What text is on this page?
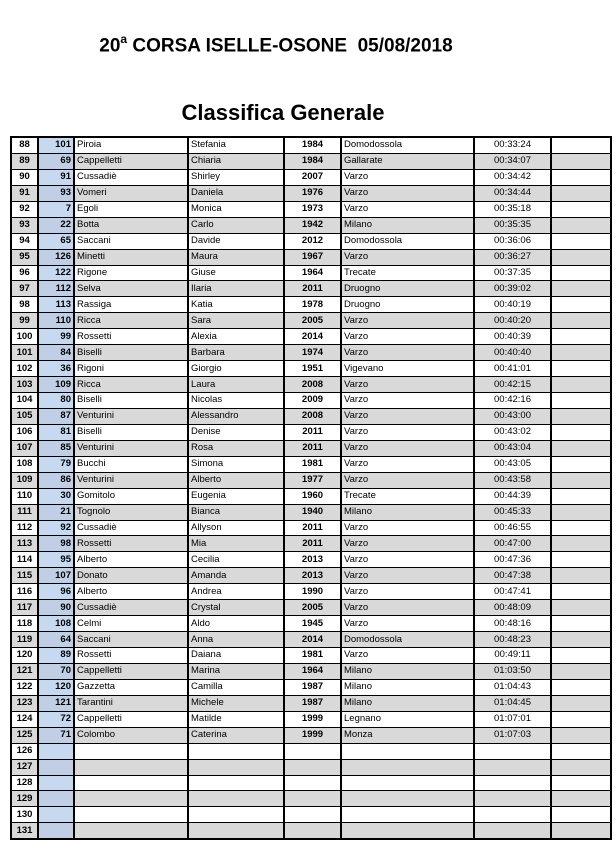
20$^a$ CORSA ISELLE-OSONE  05/08/2018
Classifica Generale
88	101	Piroia	Stefania	1984	Domodossola	00:33:24	
89	69	Cappelletti	Chiaria	1984	Gallarate	00:34:07	
90	91	Cussadiè	Shirley	2007	Varzo	00:34:42	
91	93	Vomeri	Daniela	1976	Varzo	00:34:44	
92	7	Egoli	Monica	1973	Varzo	00:35:18	
93	22	Botta	Carlo	1942	Milano	00:35:35	
94	65	Saccani	Davide	2012	Domodossola	00:36:06	
95	126	Minetti	Maura	1967	Varzo	00:36:27	
96	122	Rigone	Giuse	1964	Trecate	00:37:35	
97	112	Selva	Ilaria	2011	Druogno	00:39:02	
98	113	Rassiga	Katia	1978	Druogno	00:40:19	
99	110	Ricca	Sara	2005	Varzo	00:40:20	
100	99	Rossetti	Alexia	2014	Varzo	00:40:39	
101	84	Biselli	Barbara	1974	Varzo	00:40:40	
102	36	Rigoni	Giorgio	1951	Vigevano	00:41:01	
103	109	Ricca	Laura	2008	Varzo	00:42:15	
104	80	Biselli	Nicolas	2009	Varzo	00:42:16	
105	87	Venturini	Alessandro	2008	Varzo	00:43:00	
106	81	Biselli	Denise	2011	Varzo	00:43:02	
107	85	Venturini	Rosa	2011	Varzo	00:43:04	
108	79	Bucchi	Simona	1981	Varzo	00:43:05	
109	86	Venturini	Alberto	1977	Varzo	00:43:58	
110	30	Gomitolo	Eugenia	1960	Trecate	00:44:39	
111	21	Tognolo	Bianca	1940	Milano	00:45:33	
112	92	Cussadiè	Allyson	2011	Varzo	00:46:55	
113	98	Rossetti	Mia	2011	Varzo	00:47:00	
114	95	Alberto	Cecilia	2013	Varzo	00:47:36	
115	107	Donato	Amanda	2013	Varzo	00:47:38	
116	96	Alberto	Andrea	1990	Varzo	00:47:41	
117	90	Cussadiè	Crystal	2005	Varzo	00:48:09	
118	108	Celmi	Aldo	1945	Varzo	00:48:16	
119	64	Saccani	Anna	2014	Domodossola	00:48:23	
120	89	Rossetti	Daiana	1981	Varzo	00:49:11	
121	70	Cappelletti	Marina	1964	Milano	01:03:50	
122	120	Gazzetta	Camilla	1987	Milano	01:04:43	
123	121	Tarantini	Michele	1987	Milano	01:04:45	
124	72	Cappelletti	Matilde	1999	Legnano	01:07:01	
125	71	Colombo	Caterina	1999	Monza	01:07:03	
126							
127							
128							
129							
130							
131							
